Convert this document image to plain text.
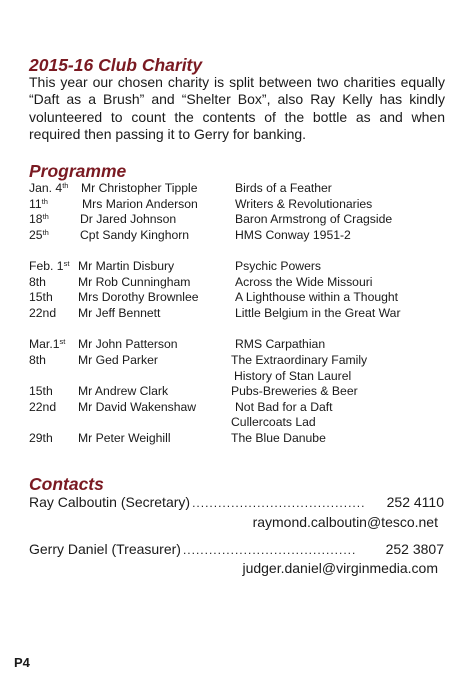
2015-16 Club Charity

This year our chosen charity is split between two charities equally “Daft as a Brush” and “Shelter Box”, also Ray Kelly has kindly volunteered to count the contents of the bottle as and when required then passing it to Gerry for banking.

Programme
Jan. 4th Mr Christopher Tipple	Birds of a Feather
11th	Mrs Marion Anderson	Writers & Revolutionaries
18th	Dr Jared Johnson	Baron Armstrong of Cragside
25th	Cpt Sandy Kinghorn	HMS Conway 1951-2
Feb. 1st Mr Martin Disbury	Psychic Powers
8th	Mr Rob Cunningham	Across the Wide Missouri
15th Mrs Dorothy Brownlee	A Lighthouse within a Thought
22nd Mr Jeff Bennett	Little Belgium in the Great War
Mar.1st Mr John Patterson	RMS Carpathian
8th	Mr Ged Parker	The Extraordinary Family
History of Stan Laurel
15th Mr Andrew Clark	Pubs-Breweries & Beer
22nd Mr David Wakenshaw	Not Bad for a Daft
Cullercoats Lad
29th Mr Peter Weighill	The Blue Danube
Contacts
Ray Calboutin (Secretary) ........................................	252 4110
raymond.calboutin@tesco.net
Gerry Daniel (Treasurer) ........................................	252 3807
judger.daniel@virginmedia.com
P4
